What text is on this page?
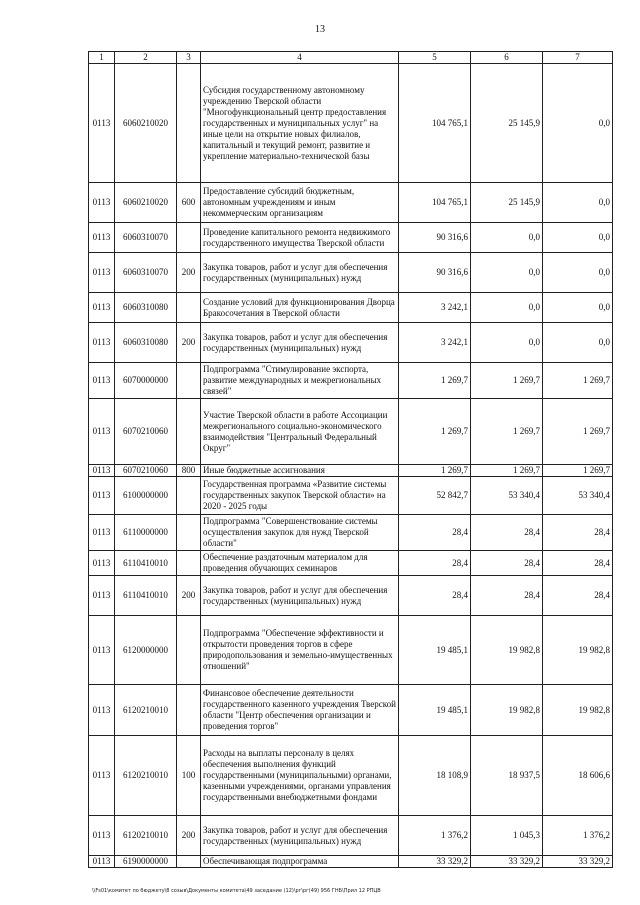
13
1	2	3	4	5	6	7
0113	6060210020		Субсидия государственному автономному учреждению Тверской области "Многофункциональный центр предоставления государственных и муниципальных услуг" на иные цели на открытие новых филиалов, капитальный и текущий ремонт, развитие и укрепление материально-технической базы	104 765,1	25 145,9	0,0
0113	6060210020	600	Предоставление субсидий бюджетным, автономным учреждениям и иным некоммерческим организациям	104 765,1	25 145,9	0,0
0113	6060310070		Проведение капитального ремонта недвижимого государственного имущества Тверской области	90 316,6	0,0	0,0
0113	6060310070	200	Закупка товаров, работ и услуг для обеспечения государственных (муниципальных) нужд	90 316,6	0,0	0,0
0113	6060310080		Создание условий для функционирования Дворца Бракосочетания в Тверской области	3 242,1	0,0	0,0
0113	6060310080	200	Закупка товаров, работ и услуг для обеспечения государственных (муниципальных) нужд	3 242,1	0,0	0,0
0113	6070000000		Подпрограмма "Стимулирование экспорта, развитие международных и межрегиональных связей"	1 269,7	1 269,7	1 269,7
0113	6070210060		Участие Тверской области в работе Ассоциации межрегионального социально-экономического взаимодействия "Центральный Федеральный Округ"	1 269,7	1 269,7	1 269,7
0113	6070210060	800	Иные бюджетные ассигнования	1 269,7	1 269,7	1 269,7
0113	6100000000		Государственная программа «Развитие системы государственных закупок Тверской области» на 2020 - 2025 годы	52 842,7	53 340,4	53 340,4
0113	6110000000		Подпрограмма "Совершенствование системы осуществления закупок для нужд Тверской области"	28,4	28,4	28,4
0113	6110410010		Обеспечение раздаточным материалом для проведения обучающих семинаров	28,4	28,4	28,4
0113	6110410010	200	Закупка товаров, работ и услуг для обеспечения государственных (муниципальных) нужд	28,4	28,4	28,4
0113	6120000000		Подпрограмма "Обеспечение эффективности и открытости проведения торгов в сфере природопользования и земельно-имущественных отношений"	19 485,1	19 982,8	19 982,8
0113	6120210010		Финансовое обеспечение деятельности государственного казенного учреждения Тверской области "Центр обеспечения организации и проведения торгов"	19 485,1	19 982,8	19 982,8
0113	6120210010	100	Расходы на выплаты персоналу в целях обеспечения выполнения функций государственными (муниципальными) органами, казенными учреждениями, органами управления государственными внебюджетными фондами	18 108,9	18 937,5	18 606,6
0113	6120210010	200	Закупка товаров, работ и услуг для обеспечения государственных (муниципальных) нужд	1 376,2	1 045,3	1 376,2
0113	6190000000		Обеспечивающая подпрограмма	33 329,2	33 329,2	33 329,2
\\Fs01\комитет по бюджету\8 созыв\Документы комитета\49 заседание (12)\рг\рг(49) 956 ГНБ\Прил 12 РПЦВ
